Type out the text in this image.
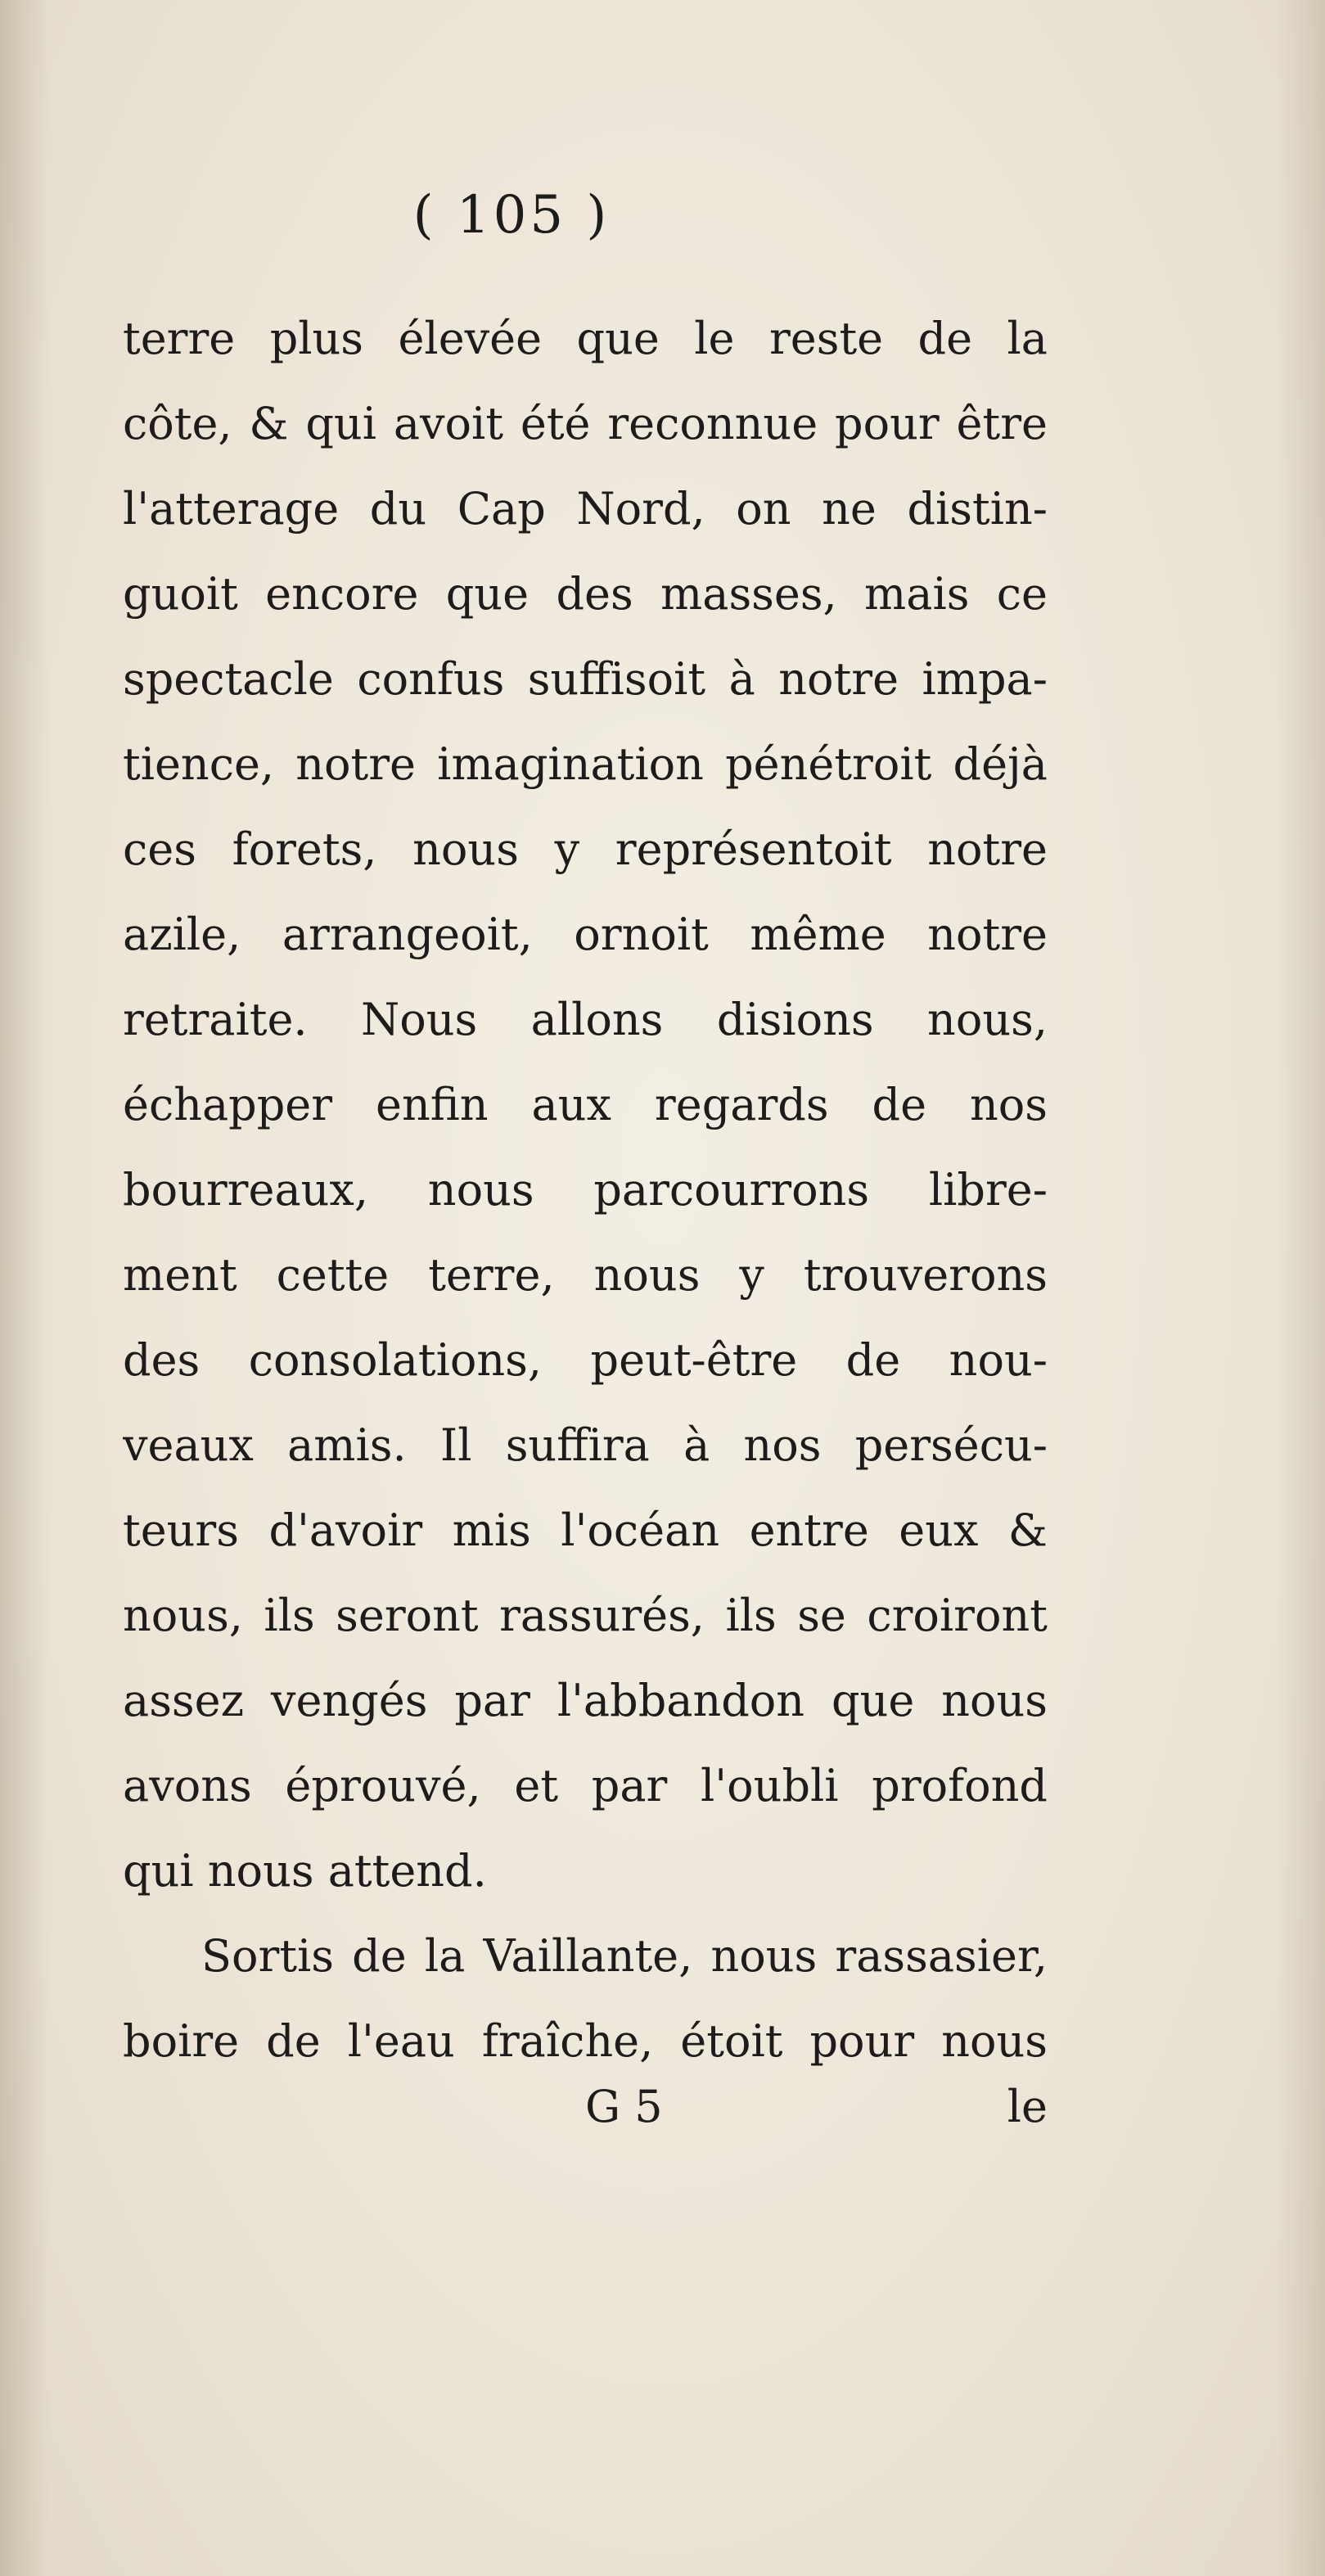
( 105 )
terre plus élevée que le reste de la
côte, & qui avoit été reconnue pour être
l'atterage du Cap Nord, on ne distin-
guoit encore que des masses, mais ce
spectacle confus suffisoit à notre impa-
tience, notre imagination pénétroit déjà
ces forets, nous y représentoit notre
azile, arrangeoit, ornoit même notre
retraite. Nous allons disions nous,
échapper enfin aux regards de nos
bourreaux, nous parcourrons libre-
ment cette terre, nous y trouverons
des consolations, peut-être de nou-
veaux amis. Il suffira à nos persécu-
teurs d'avoir mis l'océan entre eux &
nous, ils seront rassurés, ils se croiront
assez vengés par l'abbandon que nous
avons éprouvé, et par l'oubli profond
qui nous attend.
Sortis de la Vaillante, nous rassasier,
boire de l'eau fraîche, étoit pour nous
G 5	le
